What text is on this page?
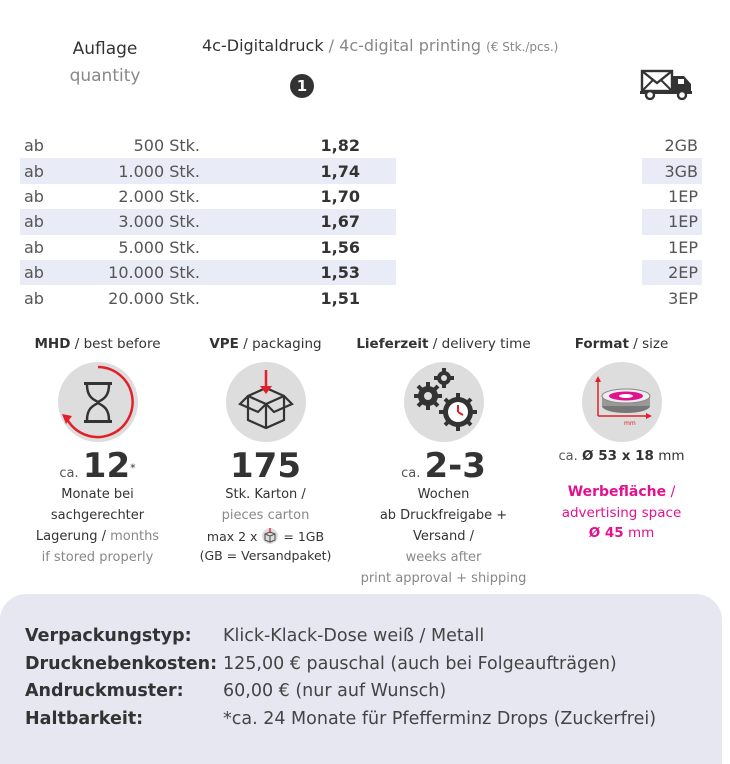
Auflage
quantity
4c-Digitaldruck / 4c-digital printing (€ Stk./pcs.)
1
ab	500 Stk.	1,82			2GB
ab	1.000 Stk.	1,74			3GB
ab	2.000 Stk.	1,70			1EP
ab	3.000 Stk.	1,67			1EP
ab	5.000 Stk.	1,56			1EP
ab	10.000 Stk.	1,53			2EP
ab	20.000 Stk.	1,51			3EP
MHD / best before
ca. 12*
Monate bei
sachgerechter
Lagerung / months
if stored properly
VPE / packaging
175
Stk. Karton /
pieces carton
max 2 x = 1GB
(GB = Versandpaket)
Lieferzeit / delivery time
ca. 2-3
Wochen
ab Druckfreigabe + Versand /
weeks after
print approval + shipping
Format / size
mm
ca. Ø 53 x 18 mm
Werbefläche /
advertising space
Ø 45 mm
Verpackungstyp: Klick-Klack-Dose weiß / Metall
Drucknebenkosten: 125,00 € pauschal (auch bei Folgeaufträgen)
Andruckmuster: 60,00 € (nur auf Wunsch)
Haltbarkeit:	*ca. 24 Monate für Pfefferminz Drops (Zuckerfrei)
